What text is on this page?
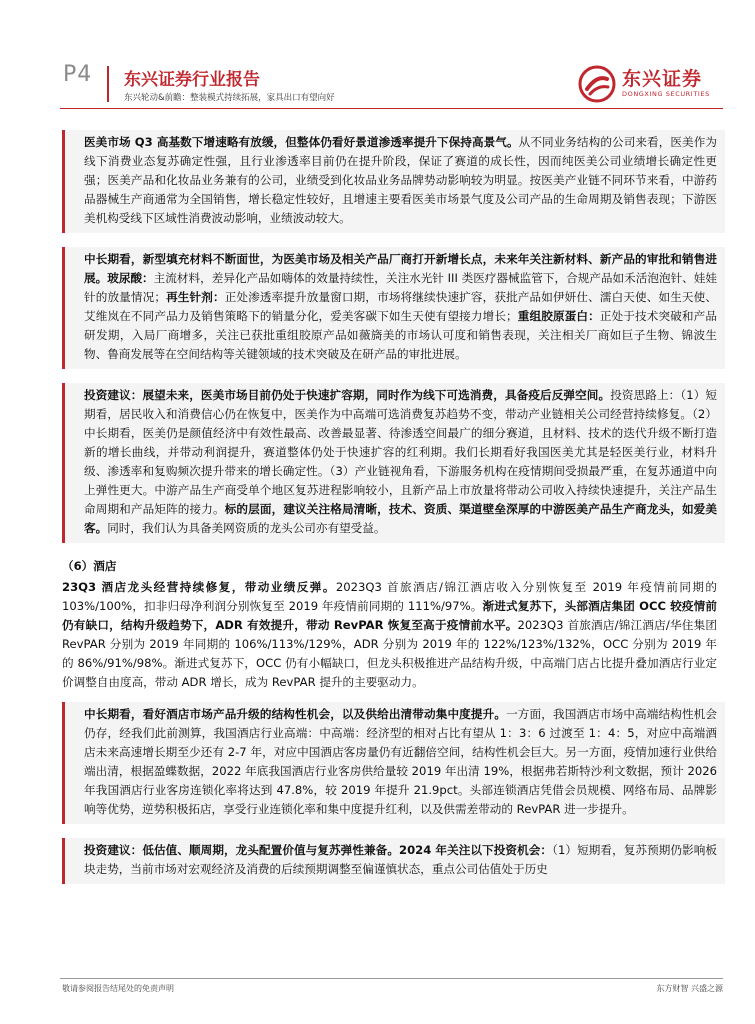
P4 东兴证券行业报告
东兴轮动&前瞻：整装模式持续拓展，家具出口有望向好
东兴证券
DONGXING SECURITIES

医美市场 Q3 高基数下增速略有放缓，但整体仍看好景道渗透率提升下保持高景气。从不同业务结构的公司来看，医美作为线下消费业态复苏确定性强，且行业渗透率目前仍在提升阶段，保证了赛道的成长性，因而纯医美公司业绩增长确定性更强；医美产品和化妆品业务兼有的公司，业绩受到化妆品业务品牌势动影响较为明显。按医美产业链不同环节来看，中游药品器械生产商通常为全国销售，增长稳定性较好，且增速主要看医美市场景气度及公司产品的生命周期及销售表现；下游医美机构受线下区域性消费波动影响，业绩波动较大。

中长期看，新型填充材料不断面世，为医美市场及相关产品厂商打开新增长点，未来年关注新材料、新产品的审批和销售进展。玻尿酸：主流材料，差异化产品如嗨体的效量持续性，关注水光针 III 类医疗器械监管下，合规产品如禾活泡泡针、娃娃针的放量情况；再生针剂：正处渗透率提升放量窗口期，市场将继续快速扩容，获批产品如伊妍仕、濡白天使、如生天使、艾维岚在不同产品力及销售策略下的销量分化，爱美客碳下如生天使有望接力增长；重组胶原蛋白：正处于技术突破和产品研发期，入局厂商增多，关注已获批重组胶原产品如薇旖美的市场认可度和销售表现，关注相关厂商如巨子生物、锦波生物、鲁商发展等在空间结构等关键领域的技术突破及在研产品的审批进展。

投资建议：展望未来，医美市场目前仍处于快速扩容期，同时作为线下可选消费，具备疫后反弹空间。投资思路上：（1）短期看，居民收入和消费信心仍在恢复中，医美作为中高端可选消费复苏趋势不变，带动产业链相关公司经营持续修复。（2）中长期看，医美仍是颜值经济中有效性最高、改善最显著、待渗透空间最广的细分赛道，且材料、技术的迭代升级不断打造新的增长曲线，并带动利润提升，赛道整体仍处于快速扩容的红利期。我们长期看好我国医美尤其是轻医美行业，材料升级、渗透率和复购频次提升带来的增长确定性。（3）产业链视角看，下游服务机构在疫情期间受损最严重，在复苏通道中向上弹性更大。中游产品生产商受单个地区复苏进程影响较小，且新产品上市放量将带动公司收入持续快速提升，关注产品生命周期和产品矩阵的接力。标的层面，建议关注格局清晰，技术、资质、渠道壁垒深厚的中游医美产品生产商龙头，如爱美客。同时，我们认为具备美网资质的龙头公司亦有望受益。

（6）酒店

23Q3 酒店龙头经营持续修复，带动业绩反弹。2023Q3 首旅酒店/锦江酒店收入分别恢复至 2019 年疫情前同期的 103%/100%，扣非归母净利润分别恢复至 2019 年疫情前同期的 111%/97%。渐进式复苏下，头部酒店集团 OCC 较疫情前仍有缺口，结构升级趋势下，ADR 有效提升，带动 RevPAR 恢复至高于疫情前水平。2023Q3 首旅酒店/锦江酒店/华住集团 RevPAR 分别为 2019 年同期的 106%/113%/129%，ADR 分别为 2019 年的 122%/123%/132%，OCC 分别为 2019 年的 86%/91%/98%。渐进式复苏下，OCC 仍有小幅缺口，但龙头积极推进产品结构升级，中高端门店占比提升叠加酒店行业定价调整自由度高，带动 ADR 增长，成为 RevPAR 提升的主要驱动力。

中长期看，看好酒店市场产品升级的结构性机会，以及供给出清带动集中度提升。一方面，我国酒店市场中高端结构性机会仍存，经我们此前测算，我国酒店行业高端：中高端：经济型的相对占比有望从 1：3：6 过渡至 1：4：5，对应中高端酒店未来高速增长期至少还有 2-7 年，对应中国酒店客房量仍有近翻倍空间，结构性机会巨大。另一方面，疫情加速行业供给端出清，根据盈蝶数据，2022 年底我国酒店行业客房供给量较 2019 年出清 19%，根据弗若斯特沙利文数据，预计 2026 年我国酒店行业客房连锁化率将达到 47.8%，较 2019 年提升 21.9pct。头部连锁酒店凭借会员规模、网络布局、品牌影响等优势，逆势积极拓店，享受行业连锁化率和集中度提升红利，以及供需差带动的 RevPAR 进一步提升。

投资建议：低估值、顺周期，龙头配置价值与复苏弹性兼备。2024 年关注以下投资机会：（1）短期看，复苏预期仍影响板块走势，当前市场对宏观经济及消费的后续预期调整至偏谨慎状态，重点公司估值处于历史

敬请参阅报告结尾处的免责声明	东方财智 兴盛之源
